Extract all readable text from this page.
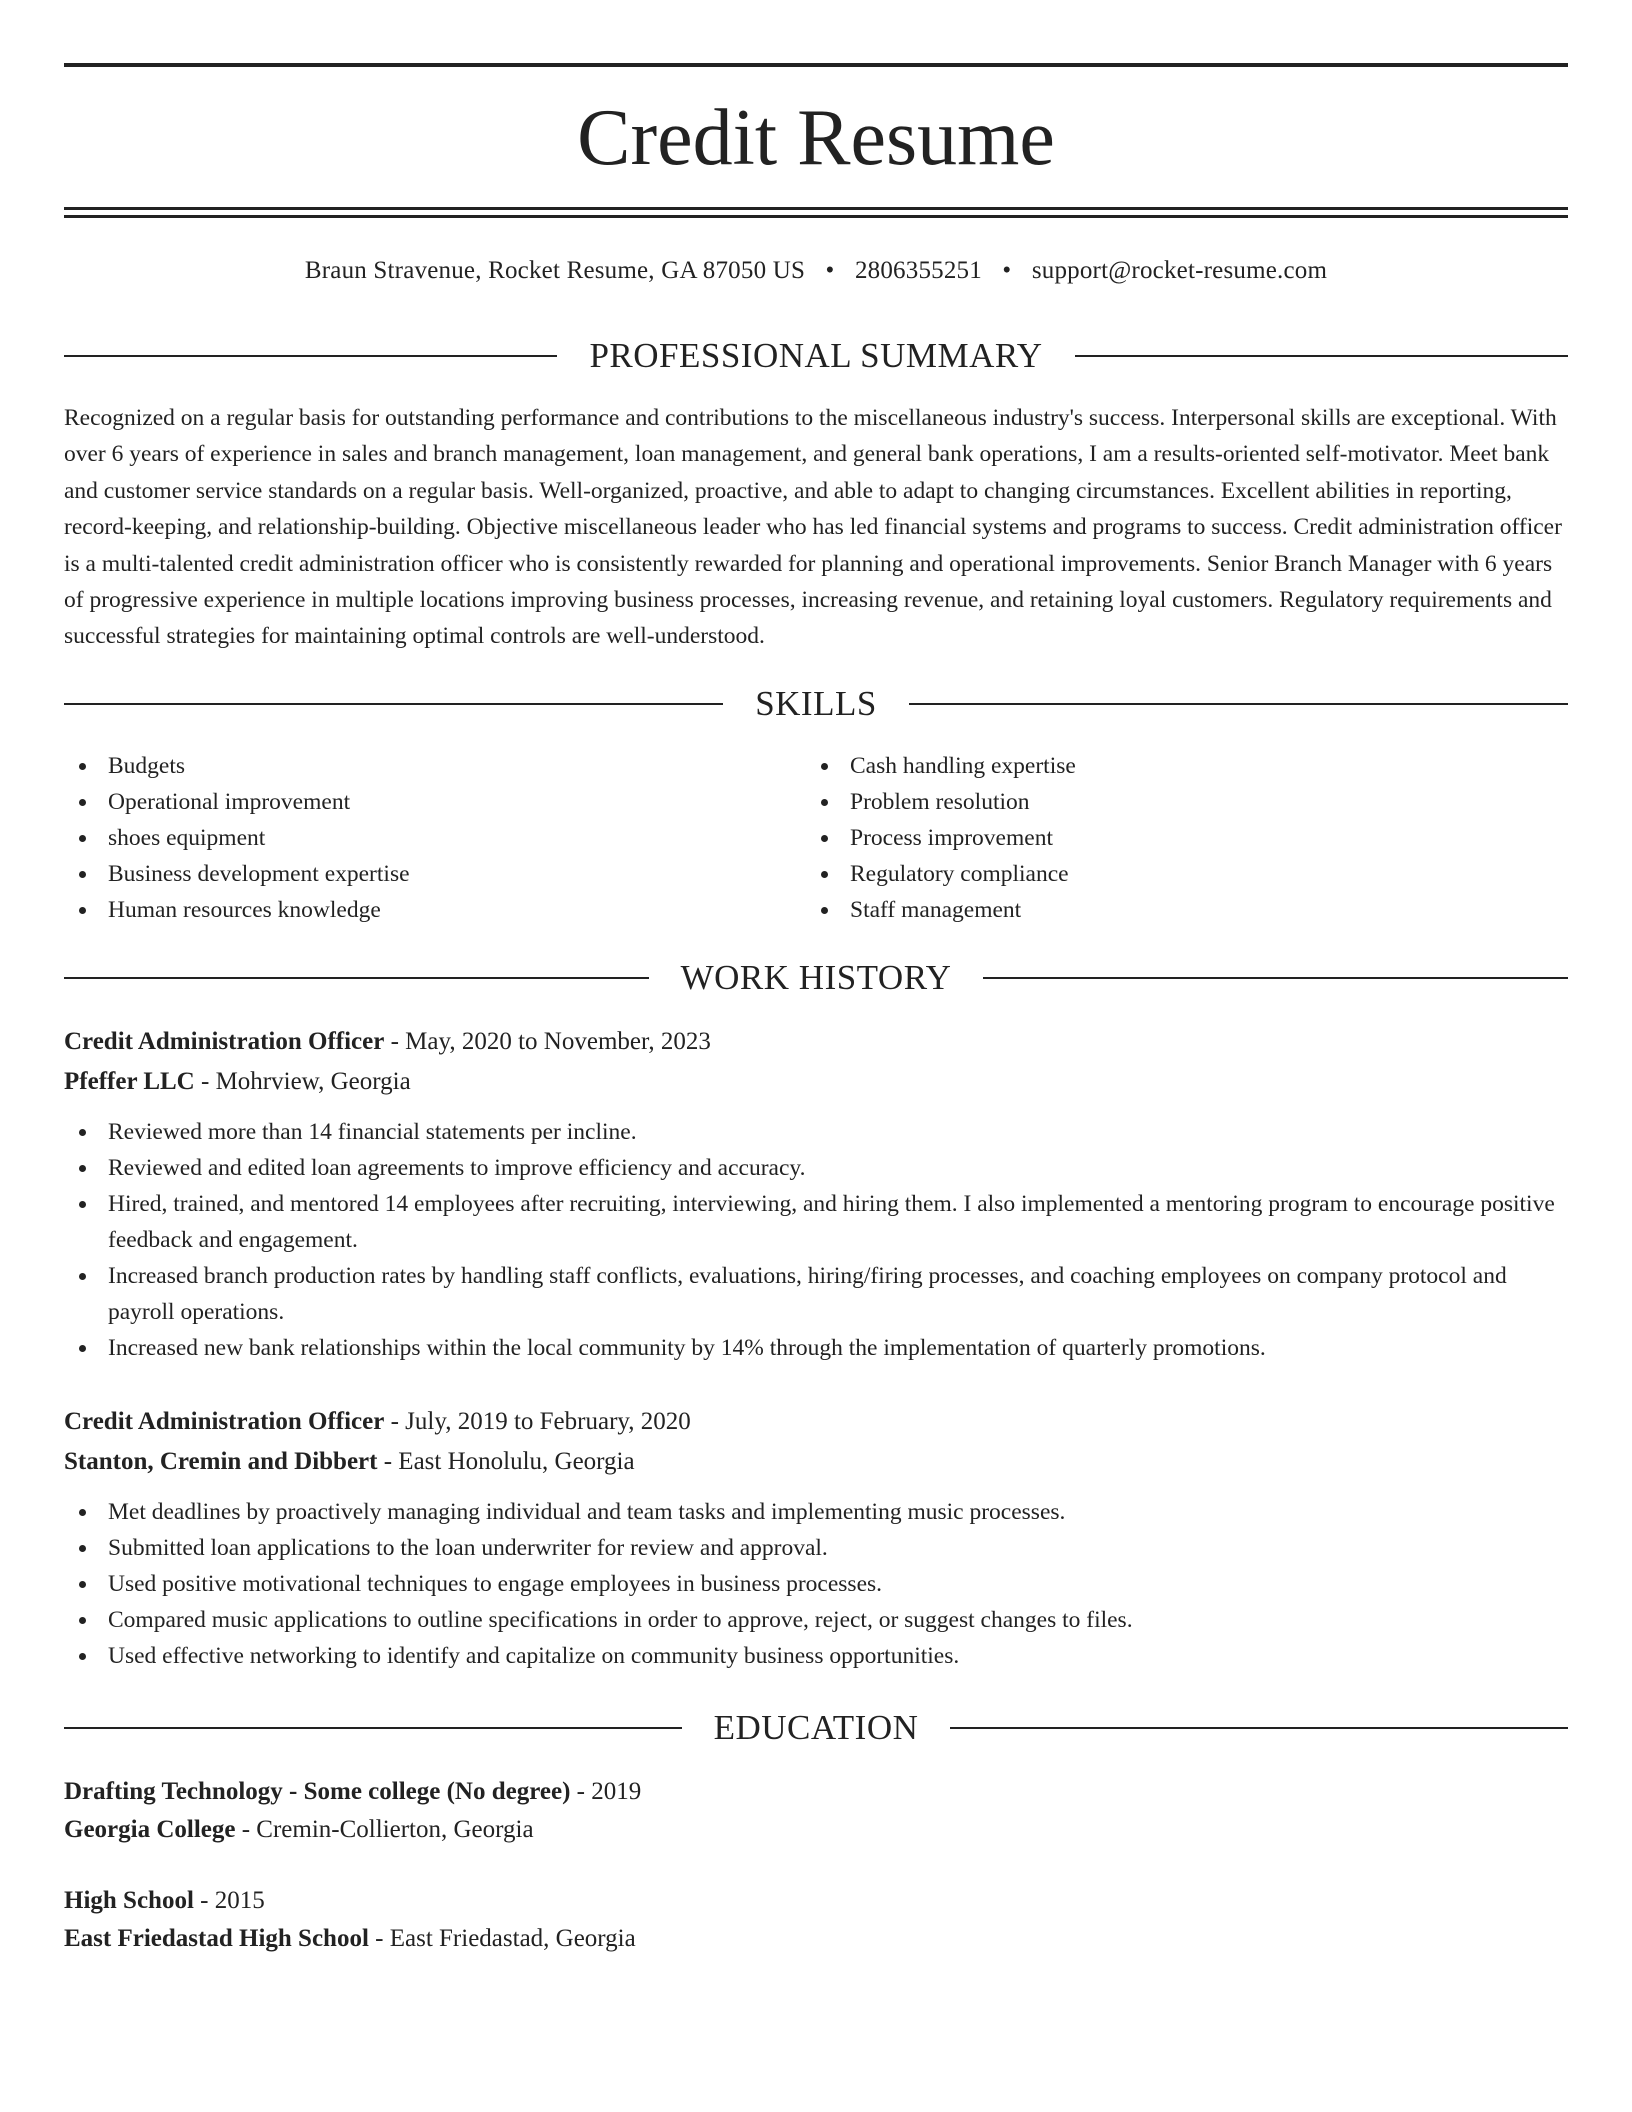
Credit Resume
Braun Stravenue, Rocket Resume, GA 87050 US • 2806355251 • support@rocket-resume.com
PROFESSIONAL SUMMARY

Recognized on a regular basis for outstanding performance and contributions to the miscellaneous industry's success. Interpersonal skills are exceptional. With over 6 years of experience in sales and branch management, loan management, and general bank operations, I am a results-oriented self-motivator. Meet bank and customer service standards on a regular basis. Well-organized, proactive, and able to adapt to changing circumstances. Excellent abilities in reporting, record-keeping, and relationship-building. Objective miscellaneous leader who has led financial systems and programs to success. Credit administration officer is a multi-talented credit administration officer who is consistently rewarded for planning and operational improvements. Senior Branch Manager with 6 years of progressive experience in multiple locations improving business processes, increasing revenue, and retaining loyal customers. Regulatory requirements and successful strategies for maintaining optimal controls are well-understood.

SKILLS
Budgets
Operational improvement
shoes equipment
Business development expertise
Human resources knowledge
Cash handling expertise
Problem resolution
Process improvement
Regulatory compliance
Staff management
WORK HISTORY
Credit Administration Officer - May, 2020 to November, 2023
Pfeffer LLC - Mohrview, Georgia
Reviewed more than 14 financial statements per incline.
Reviewed and edited loan agreements to improve efficiency and accuracy.
Hired, trained, and mentored 14 employees after recruiting, interviewing, and hiring them. I also implemented a mentoring program to encourage positive feedback and engagement.
Increased branch production rates by handling staff conflicts, evaluations, hiring/firing processes, and coaching employees on company protocol and payroll operations.
Increased new bank relationships within the local community by 14% through the implementation of quarterly promotions.
Credit Administration Officer - July, 2019 to February, 2020
Stanton, Cremin and Dibbert - East Honolulu, Georgia
Met deadlines by proactively managing individual and team tasks and implementing music processes.
Submitted loan applications to the loan underwriter for review and approval.
Used positive motivational techniques to engage employees in business processes.
Compared music applications to outline specifications in order to approve, reject, or suggest changes to files.
Used effective networking to identify and capitalize on community business opportunities.
EDUCATION
Drafting Technology - Some college (No degree) - 2019
Georgia College - Cremin-Collierton, Georgia
High School - 2015
East Friedastad High School - East Friedastad, Georgia
